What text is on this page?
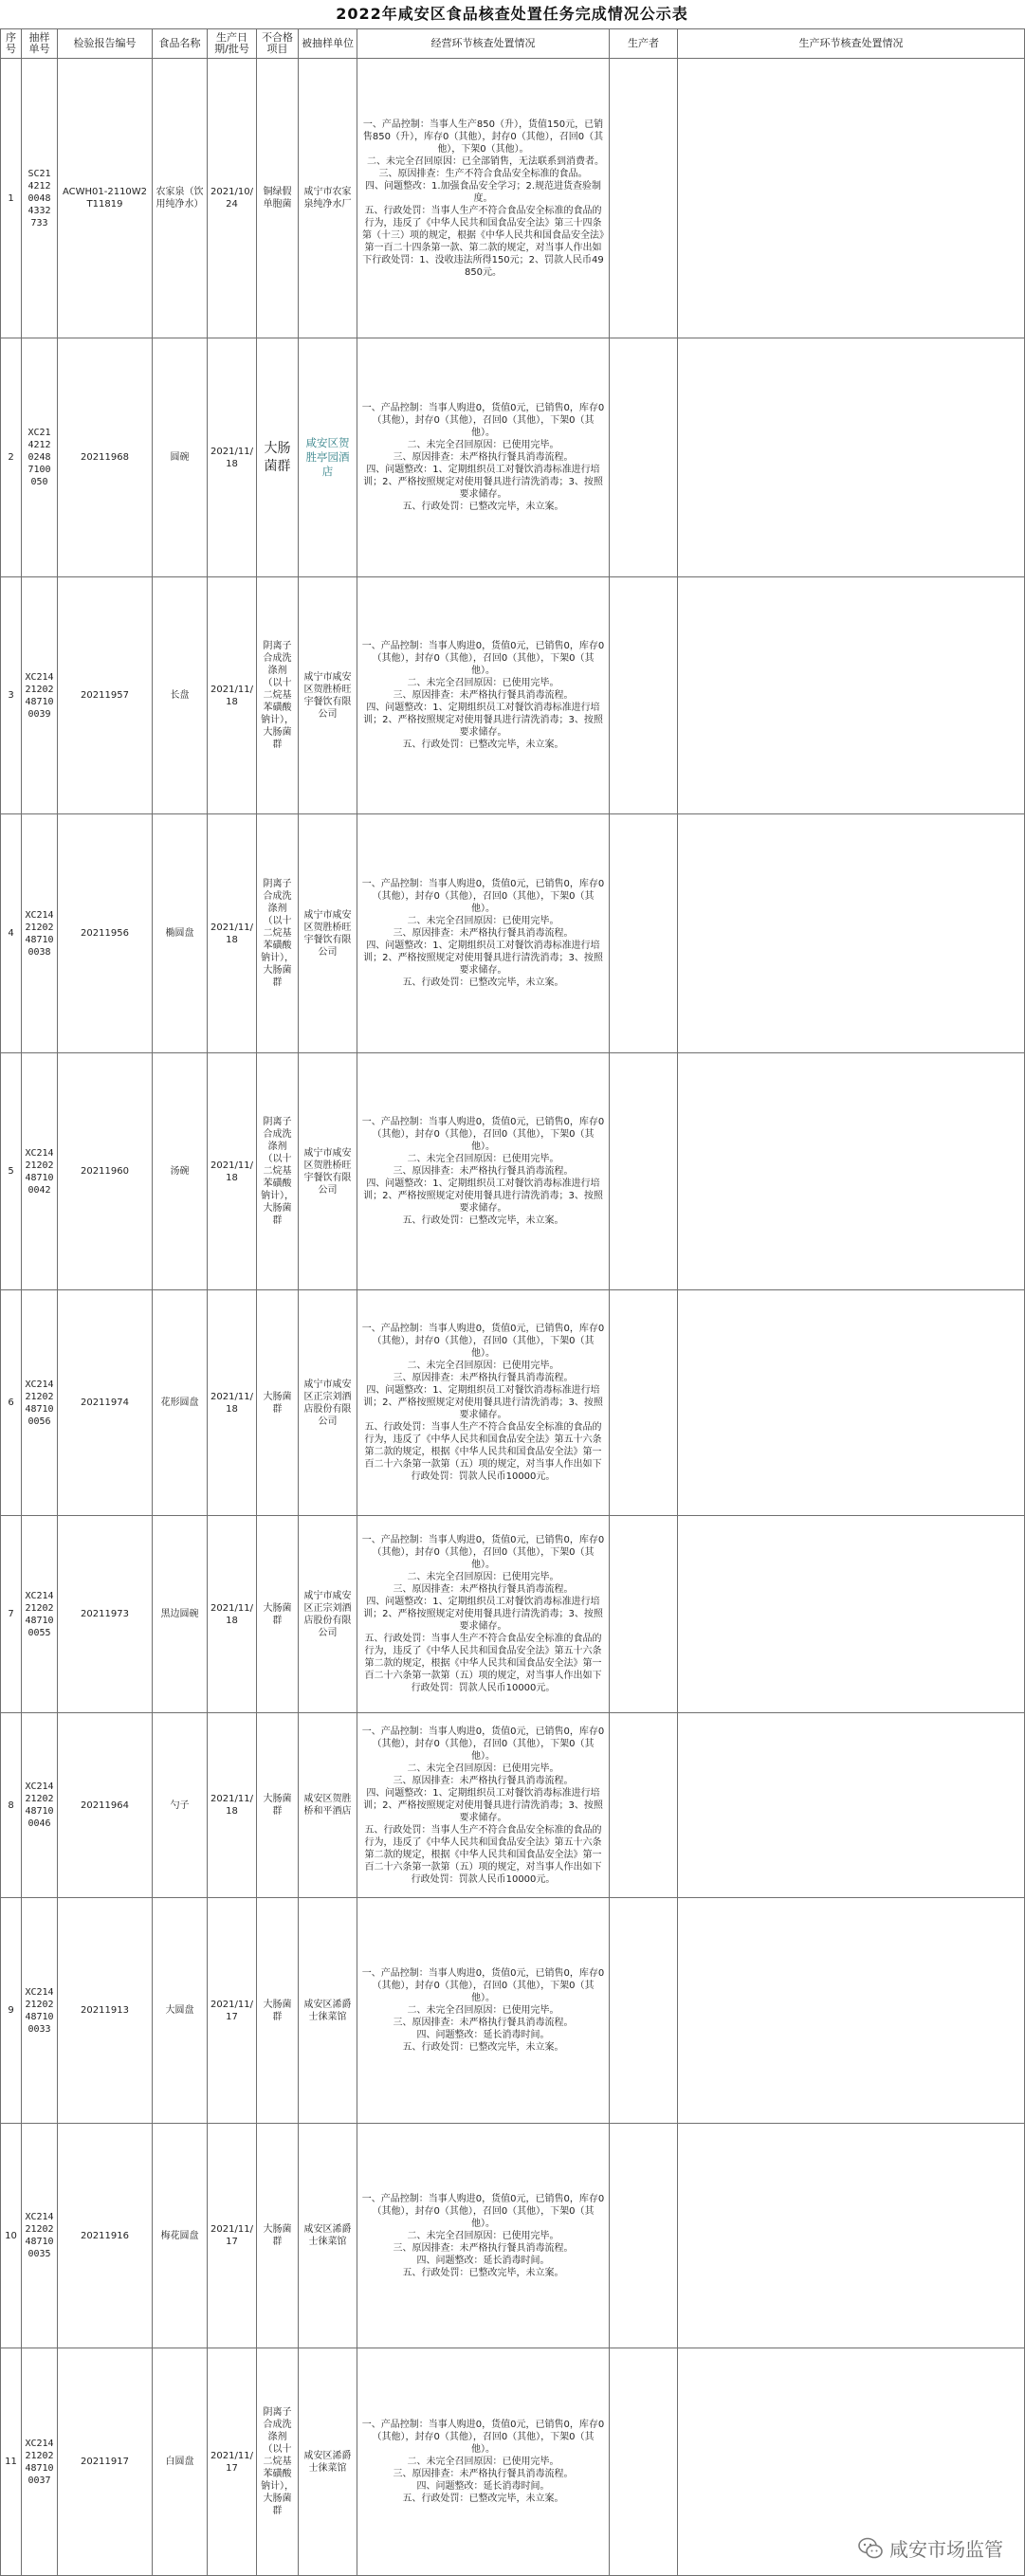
2022年咸安区食品核查处置任务完成情况公示表
序号	抽样单号	检验报告编号	食品名称	生产日期/批号	不合格项目	被抽样单位	经营环节核查处置情况	生产者	生产环节核查处置情况
1	SC21 4212 0048 4332 733	ACWH01-2110W2T11819	农家泉（饮用纯净水）	2021/10/24	铜绿假单胞菌	咸宁市农家泉纯净水厂	一、产品控制：当事人生产850（升），货值150元，已销售850（升），库存0（其他），封存0（其他），召回0（其他），下架0（其他）。
二、未完全召回原因：已全部销售，无法联系到消费者。　　三、原因排查：生产不符合食品安全标准的食品。
四、问题整改：1.加强食品安全学习；2.规范进货查验制度。
五、行政处罚：当事人生产不符合食品安全标准的食品的行为，违反了《中华人民共和国食品安全法》第三十四条第（十三）项的规定，根据《中华人民共和国食品安全法》第一百二十四条第一款、第二款的规定，对当事人作出如下行政处罚：1、没收违法所得150元；2、罚款人民币49850元。		
2	XC21 4212 0248 7100 050	20211968	圆碗	2021/11/18	大肠菌群	咸安区贺胜亭园酒店	一、产品控制：当事人购进0，货值0元，已销售0，库存0（其他），封存0（其他），召回0（其他），下架0（其他）。
二、未完全召回原因：已使用完毕。
三、原因排查：未严格执行餐具消毒流程。
四、问题整改：1、定期组织员工对餐饮消毒标准进行培训；2、严格按照规定对使用餐具进行清洗消毒；3、按照要求储存。
五、行政处罚：已整改完毕，未立案。		
3	XC214 21202 48710 0039	20211957	长盘	2021/11/18	阴离子合成洗涤剂（以十二烷基苯磺酸钠计），大肠菌群	咸宁市咸安区贺胜桥旺宇餐饮有限公司	一、产品控制：当事人购进0，货值0元，已销售0，库存0（其他），封存0（其他），召回0（其他），下架0（其他）。
二、未完全召回原因：已使用完毕。
三、原因排查：未严格执行餐具消毒流程。
四、问题整改：1、定期组织员工对餐饮消毒标准进行培训；2、严格按照规定对使用餐具进行清洗消毒；3、按照要求储存。
五、行政处罚：已整改完毕，未立案。		
4	XC214 21202 48710 0038	20211956	椭圆盘	2021/11/18	阴离子合成洗涤剂（以十二烷基苯磺酸钠计），大肠菌群	咸宁市咸安区贺胜桥旺宇餐饮有限公司	一、产品控制：当事人购进0，货值0元，已销售0，库存0（其他），封存0（其他），召回0（其他），下架0（其他）。
二、未完全召回原因：已使用完毕。
三、原因排查：未严格执行餐具消毒流程。
四、问题整改：1、定期组织员工对餐饮消毒标准进行培训；2、严格按照规定对使用餐具进行清洗消毒；3、按照要求储存。
五、行政处罚：已整改完毕，未立案。		
5	XC214 21202 48710 0042	20211960	汤碗	2021/11/18	阴离子合成洗涤剂（以十二烷基苯磺酸钠计），大肠菌群	咸宁市咸安区贺胜桥旺宇餐饮有限公司	一、产品控制：当事人购进0，货值0元，已销售0，库存0（其他），封存0（其他），召回0（其他），下架0（其他）。
二、未完全召回原因：已使用完毕。
三、原因排查：未严格执行餐具消毒流程。
四、问题整改：1、定期组织员工对餐饮消毒标准进行培训；2、严格按照规定对使用餐具进行清洗消毒；3、按照要求储存。
五、行政处罚：已整改完毕，未立案。		
6	XC214 21202 48710 0056	20211974	花形圆盘	2021/11/18	大肠菌群	咸宁市咸安区正宗刘酒店股份有限公司	一、产品控制：当事人购进0，货值0元，已销售0，库存0（其他），封存0（其他），召回0（其他），下架0（其他）。
二、未完全召回原因：已使用完毕。
三、原因排查：未严格执行餐具消毒流程。
四、问题整改：1、定期组织员工对餐饮消毒标准进行培训；2、严格按照规定对使用餐具进行清洗消毒；3、按照要求储存。
五、行政处罚：当事人生产不符合食品安全标准的食品的行为，违反了《中华人民共和国食品安全法》第五十六条第二款的规定，根据《中华人民共和国食品安全法》第一百二十六条第一款第（五）项的规定，对当事人作出如下行政处罚：罚款人民币10000元。		
7	XC214 21202 48710 0055	20211973	黑边圆碗	2021/11/18	大肠菌群	咸宁市咸安区正宗刘酒店股份有限公司	一、产品控制：当事人购进0，货值0元，已销售0，库存0（其他），封存0（其他），召回0（其他），下架0（其他）。
二、未完全召回原因：已使用完毕。
三、原因排查：未严格执行餐具消毒流程。
四、问题整改：1、定期组织员工对餐饮消毒标准进行培训；2、严格按照规定对使用餐具进行清洗消毒；3、按照要求储存。
五、行政处罚：当事人生产不符合食品安全标准的食品的行为，违反了《中华人民共和国食品安全法》第五十六条第二款的规定，根据《中华人民共和国食品安全法》第一百二十六条第一款第（五）项的规定，对当事人作出如下行政处罚：罚款人民币10000元。		
8	XC214 21202 48710 0046	20211964	勺子	2021/11/18	大肠菌群	咸安区贺胜桥和平酒店	一、产品控制：当事人购进0，货值0元，已销售0，库存0（其他），封存0（其他），召回0（其他），下架0（其他）。
二、未完全召回原因：已使用完毕。
三、原因排查：未严格执行餐具消毒流程。
四、问题整改：1、定期组织员工对餐饮消毒标准进行培训；2、严格按照规定对使用餐具进行清洗消毒；3、按照要求储存。
五、行政处罚：当事人生产不符合食品安全标准的食品的行为，违反了《中华人民共和国食品安全法》第五十六条第二款的规定，根据《中华人民共和国食品安全法》第一百二十六条第一款第（五）项的规定，对当事人作出如下行政处罚：罚款人民币10000元。		
9	XC214 21202 48710 0033	20211913	大圆盘	2021/11/17	大肠菌群	咸安区浠爵士徕菜馆	一、产品控制：当事人购进0，货值0元，已销售0，库存0（其他），封存0（其他），召回0（其他），下架0（其他）。
二、未完全召回原因：已使用完毕。
三、原因排查：未严格执行餐具消毒流程。
四、问题整改：延长消毒时间。
五、行政处罚：已整改完毕，未立案。		
10	XC214 21202 48710 0035	20211916	梅花圆盘	2021/11/17	大肠菌群	咸安区浠爵士徕菜馆	一、产品控制：当事人购进0，货值0元，已销售0，库存0（其他），封存0（其他），召回0（其他），下架0（其他）。
二、未完全召回原因：已使用完毕。
三、原因排查：未严格执行餐具消毒流程。
四、问题整改：延长消毒时间。
五、行政处罚：已整改完毕，未立案。		
11	XC214 21202 48710 0037	20211917	白圆盘	2021/11/17	阴离子合成洗涤剂（以十二烷基苯磺酸钠计），大肠菌群	咸安区浠爵士徕菜馆	一、产品控制：当事人购进0，货值0元，已销售0，库存0（其他），封存0（其他），召回0（其他），下架0（其他）。
二、未完全召回原因：已使用完毕。
三、原因排查：未严格执行餐具消毒流程。
四、问题整改：延长消毒时间。
五、行政处罚：已整改完毕，未立案。		
咸安市场监管
